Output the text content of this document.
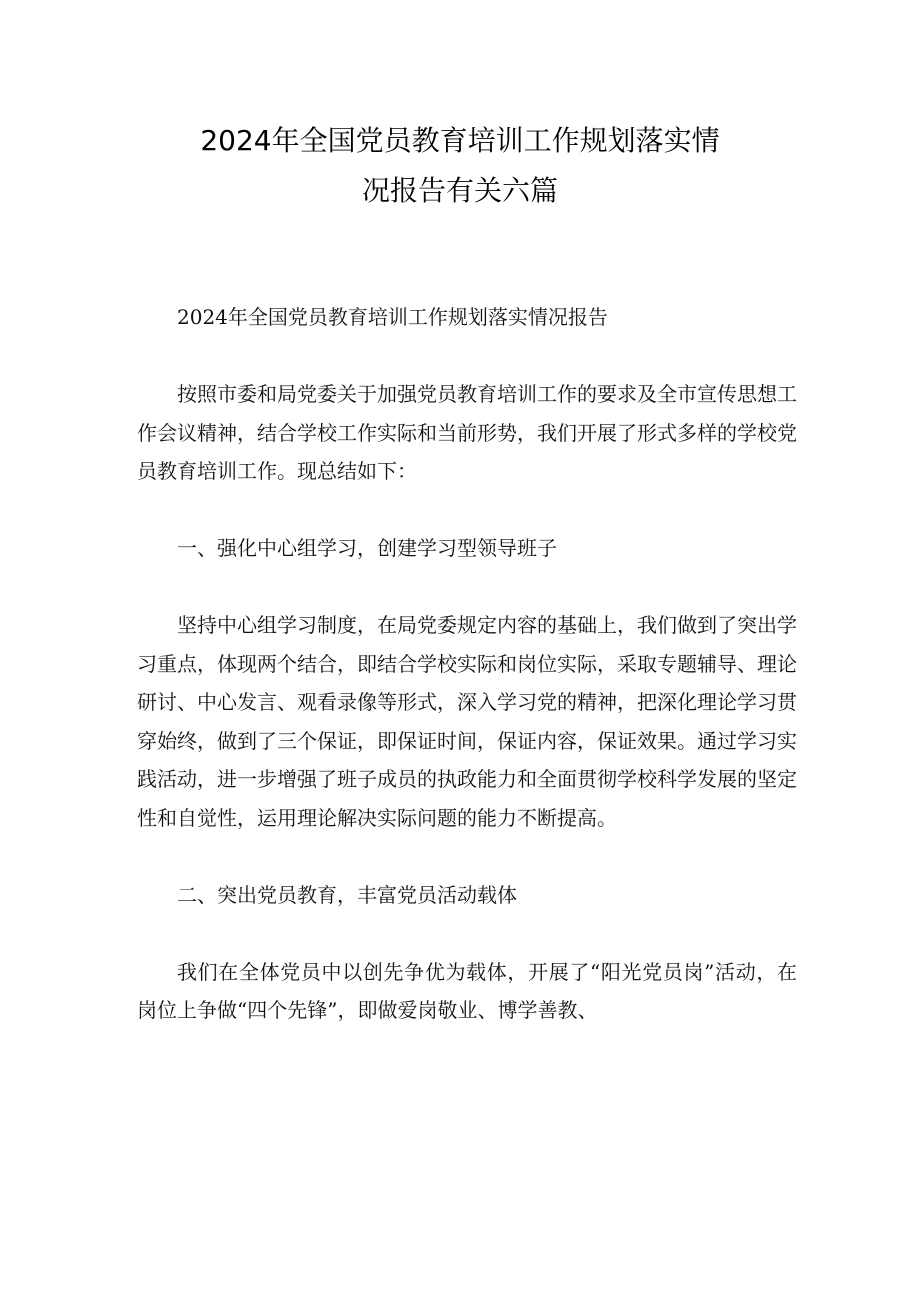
2024年全国党员教育培训工作规划落实情
况报告有关六篇

2024年全国党员教育培训工作规划落实情况报告

按照市委和局党委关于加强党员教育培训工作的要求及全市宣传思想工作会议精神，结合学校工作实际和当前形势，我们开展了形式多样的学校党员教育培训工作。现总结如下：

一、强化中心组学习，创建学习型领导班子

坚持中心组学习制度，在局党委规定内容的基础上，我们做到了突出学习重点，体现两个结合，即结合学校实际和岗位实际，采取专题辅导、理论研讨、中心发言、观看录像等形式，深入学习党的精神，把深化理论学习贯穿始终，做到了三个保证，即保证时间，保证内容，保证效果。通过学习实践活动，进一步增强了班子成员的执政能力和全面贯彻学校科学发展的坚定性和自觉性，运用理论解决实际问题的能力不断提高。

二、突出党员教育，丰富党员活动载体

我们在全体党员中以创先争优为载体，开展了“阳光党员岗”活动，在岗位上争做“四个先锋”，即做爱岗敬业、博学善教、
